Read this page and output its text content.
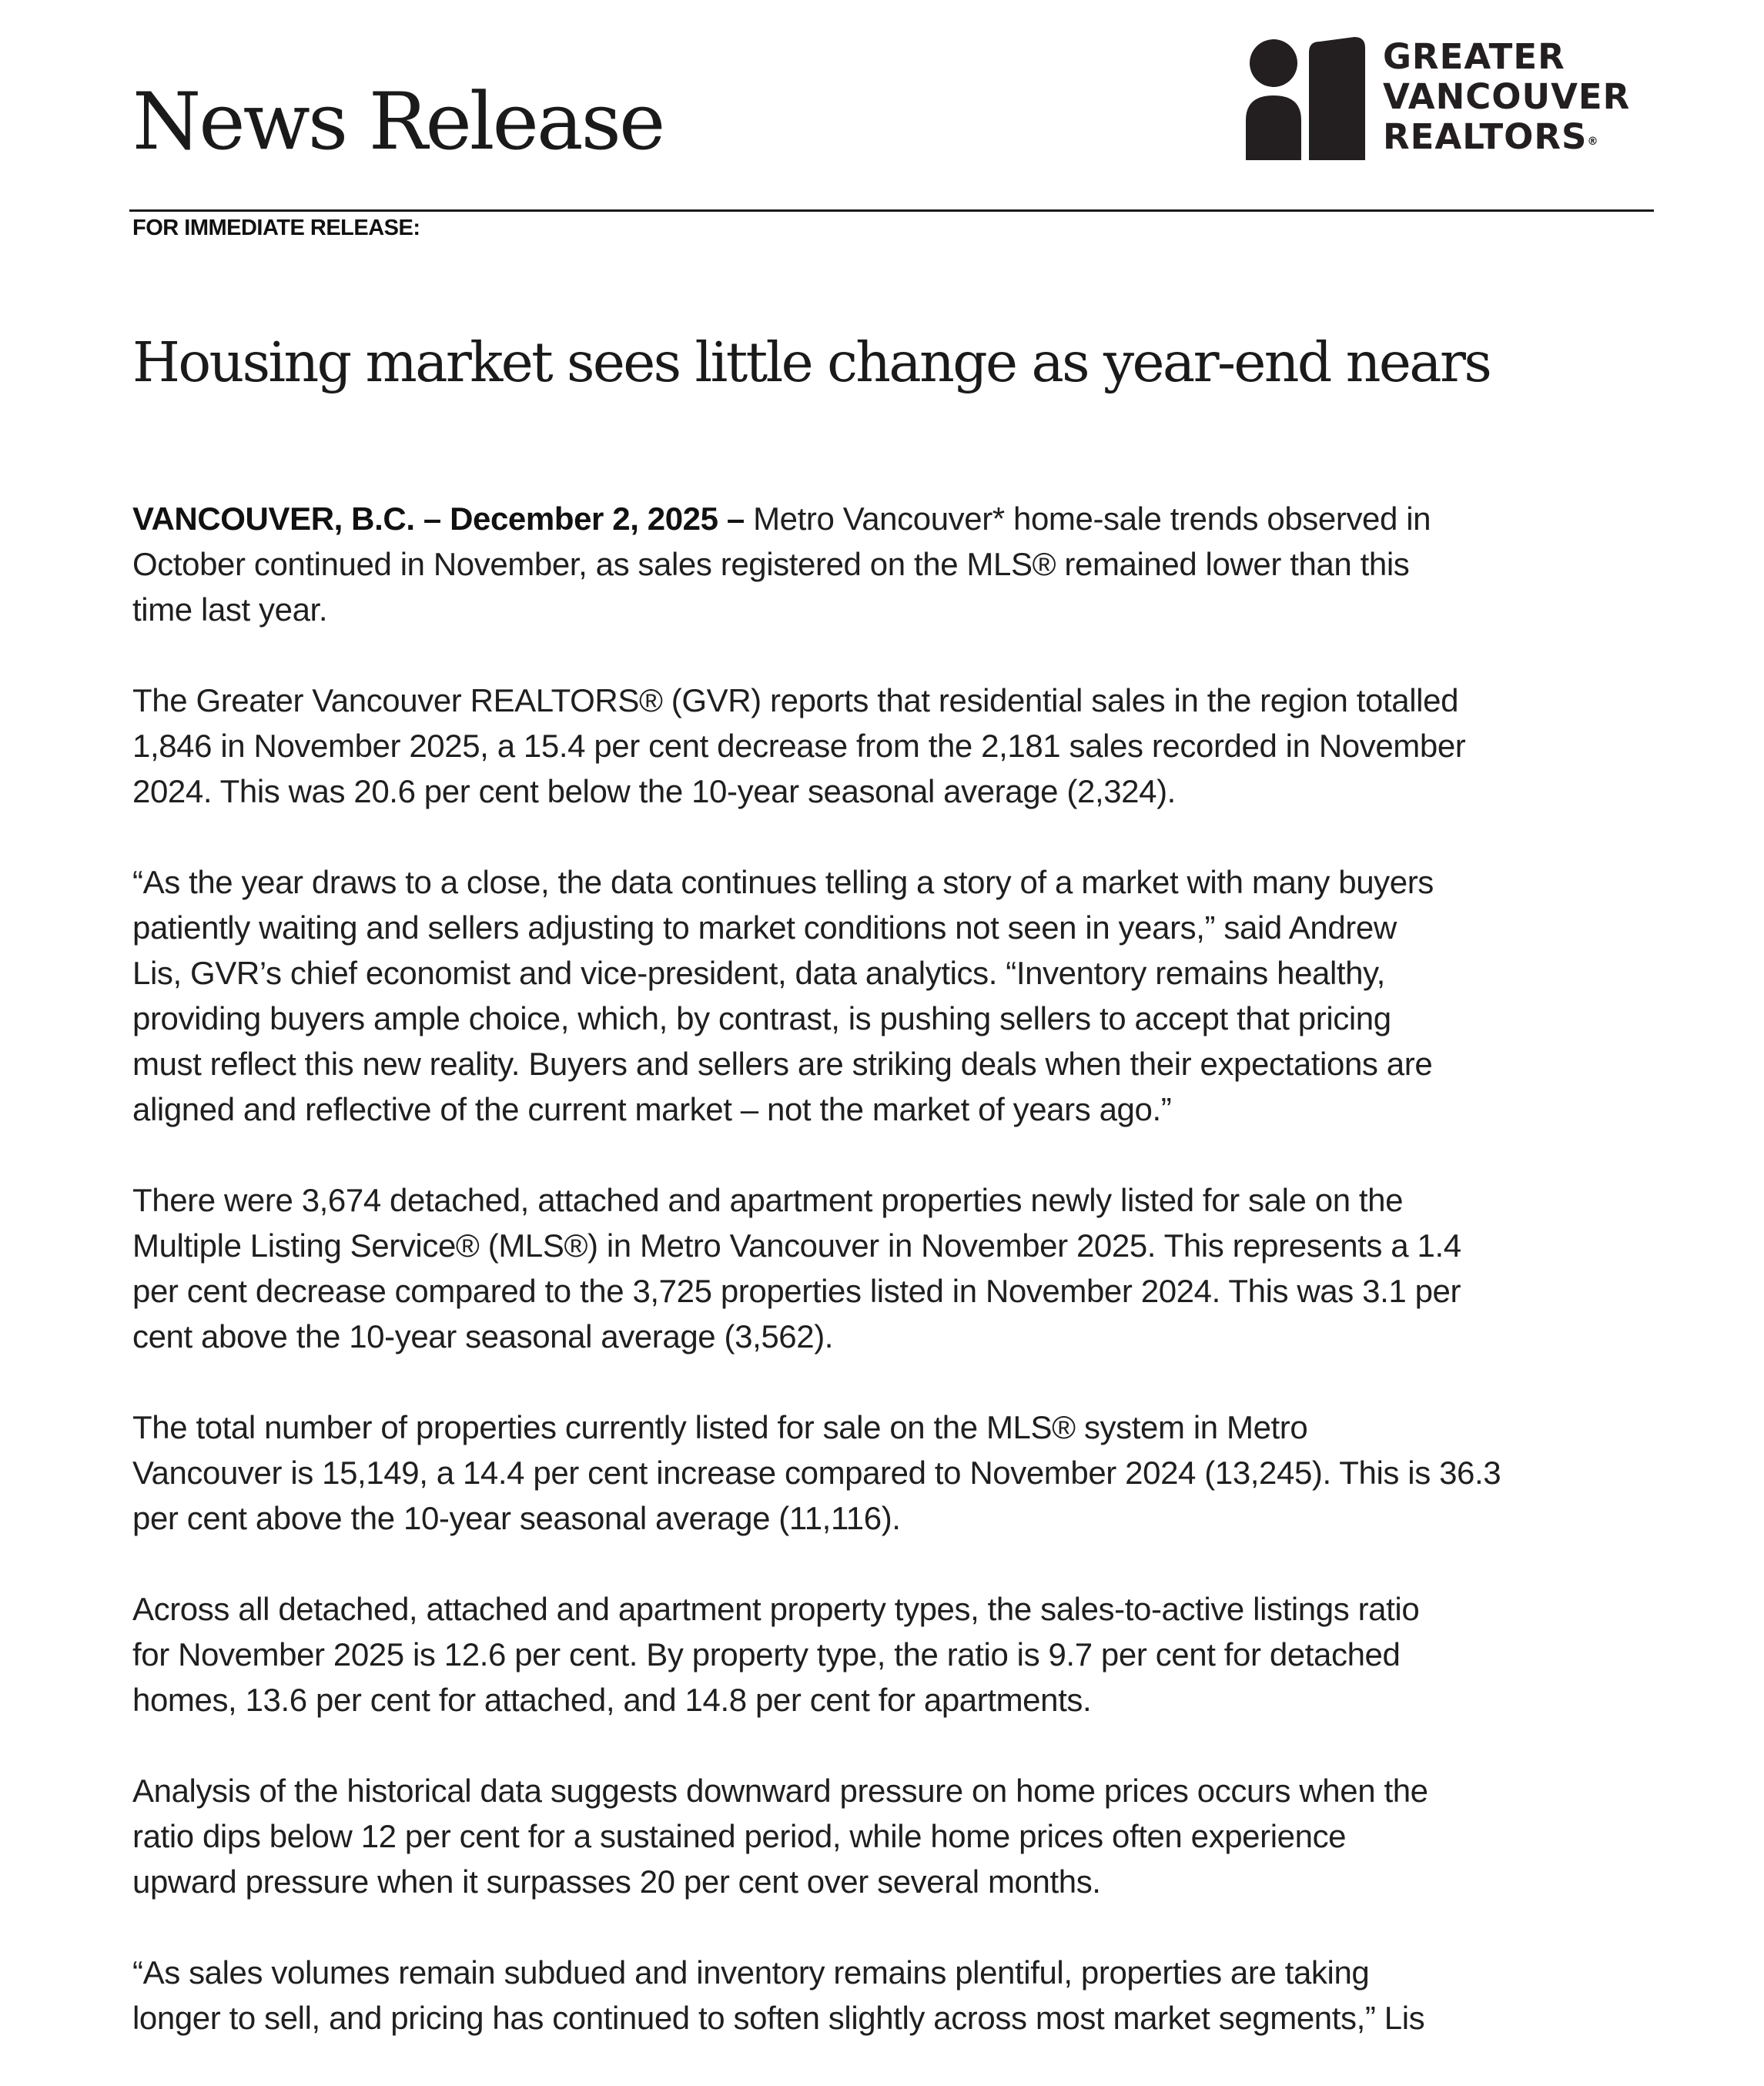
News Release
GREATER
VANCOUVER
REALTORS®
FOR IMMEDIATE RELEASE:
Housing market sees little change as year-end nears

VANCOUVER, B.C. – December 2, 2025 – Metro Vancouver* home-sale trends observed in
October continued in November, as sales registered on the MLS® remained lower than this
time last year.

The Greater Vancouver REALTORS® (GVR) reports that residential sales in the region totalled
1,846 in November 2025, a 15.4 per cent decrease from the 2,181 sales recorded in November
2024. This was 20.6 per cent below the 10-year seasonal average (2,324).

“As the year draws to a close, the data continues telling a story of a market with many buyers
patiently waiting and sellers adjusting to market conditions not seen in years,” said Andrew
Lis, GVR’s chief economist and vice-president, data analytics. “Inventory remains healthy,
providing buyers ample choice, which, by contrast, is pushing sellers to accept that pricing
must reflect this new reality. Buyers and sellers are striking deals when their expectations are
aligned and reflective of the current market – not the market of years ago.”

There were 3,674 detached, attached and apartment properties newly listed for sale on the
Multiple Listing Service® (MLS®) in Metro Vancouver in November 2025. This represents a 1.4
per cent decrease compared to the 3,725 properties listed in November 2024. This was 3.1 per
cent above the 10-year seasonal average (3,562).

The total number of properties currently listed for sale on the MLS® system in Metro
Vancouver is 15,149, a 14.4 per cent increase compared to November 2024 (13,245). This is 36.3
per cent above the 10-year seasonal average (11,116).

Across all detached, attached and apartment property types, the sales-to-active listings ratio
for November 2025 is 12.6 per cent. By property type, the ratio is 9.7 per cent for detached
homes, 13.6 per cent for attached, and 14.8 per cent for apartments.

Analysis of the historical data suggests downward pressure on home prices occurs when the
ratio dips below 12 per cent for a sustained period, while home prices often experience
upward pressure when it surpasses 20 per cent over several months.

“As sales volumes remain subdued and inventory remains plentiful, properties are taking
longer to sell, and pricing has continued to soften slightly across most market segments,” Lis
